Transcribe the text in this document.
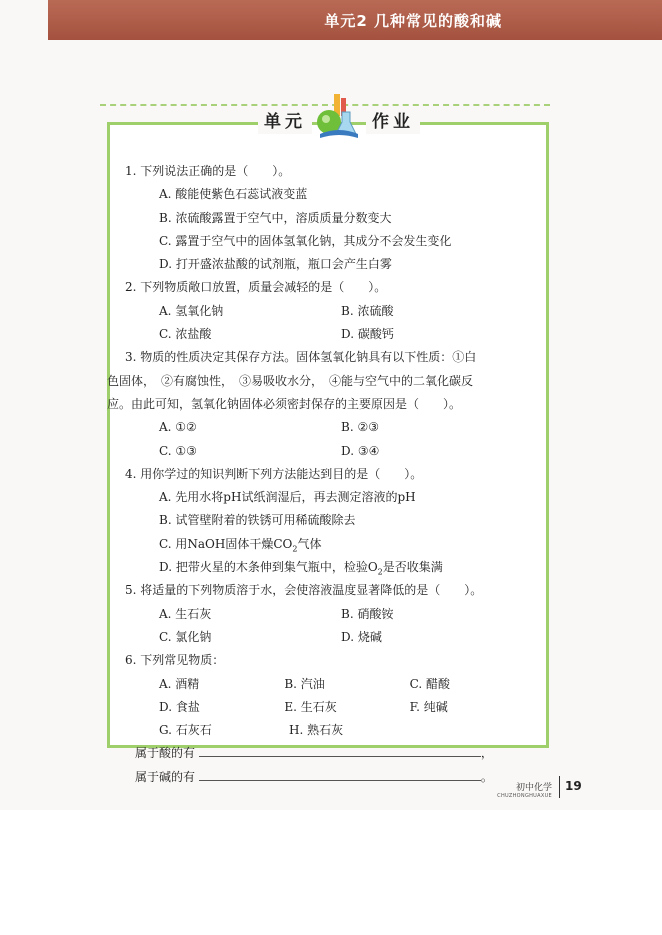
单元2 几种常见的酸和碱
单元	作业
1. 下列说法正确的是（　　）。
A. 酸能使紫色石蕊试液变蓝
B. 浓硫酸露置于空气中，溶质质量分数变大
C. 露置于空气中的固体氢氧化钠，其成分不会发生变化
D. 打开盛浓盐酸的试剂瓶，瓶口会产生白雾
2. 下列物质敞口放置，质量会减轻的是（　　）。
A. 氢氧化钠	B. 浓硫酸
C. 浓盐酸	D. 碳酸钙
3. 物质的性质决定其保存方法。固体氢氧化钠具有以下性质：①白
色固体，　②有腐蚀性，　③易吸收水分，　④能与空气中的二氧化碳反
应。由此可知，氢氧化钠固体必须密封保存的主要原因是（　　）。
A. ①②	B. ②③
C. ①③	D. ③④
4. 用你学过的知识判断下列方法能达到目的是（　　）。
A. 先用水将pH试纸润湿后，再去测定溶液的pH
B. 试管壁附着的铁锈可用稀硫酸除去
C. 用NaOH固体干燥$CO_2$气体
D. 把带火星的木条伸到集气瓶中，检验$O_2$是否收集满
5. 将适量的下列物质溶于水，会使溶液温度显著降低的是（　　）。
A. 生石灰	B. 硝酸铵
C. 氯化钠	D. 烧碱
6. 下列常见物质：
A. 酒精	B. 汽油	C. 醋酸
D. 食盐	E. 生石灰	F. 纯碱
G. 石灰石	H. 熟石灰
属于酸的有	，
属于碱的有	。
初中化学
CHUZHONGHUAXUE
19
